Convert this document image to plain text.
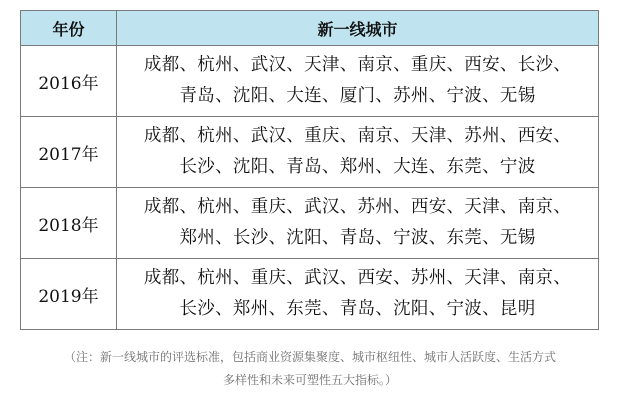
年份	新一线城市
2016年	成都、杭州、武汉、天津、南京、重庆、西安、长沙、
青岛、沈阳、大连、厦门、苏州、宁波、无锡

2017年	成都、杭州、武汉、重庆、南京、天津、苏州、西安、
长沙、沈阳、青岛、郑州、大连、东莞、宁波

2018年	成都、杭州、重庆、武汉、苏州、西安、天津、南京、
郑州、长沙、沈阳、青岛、宁波、东莞、无锡

2019年	成都、杭州、重庆、武汉、西安、苏州、天津、南京、
长沙、郑州、东莞、青岛、沈阳、宁波、昆明
（注：新一线城市的评选标准，包括商业资源集聚度、城市枢纽性、城市人活跃度、生活方式
多样性和未来可塑性五大指标。）
